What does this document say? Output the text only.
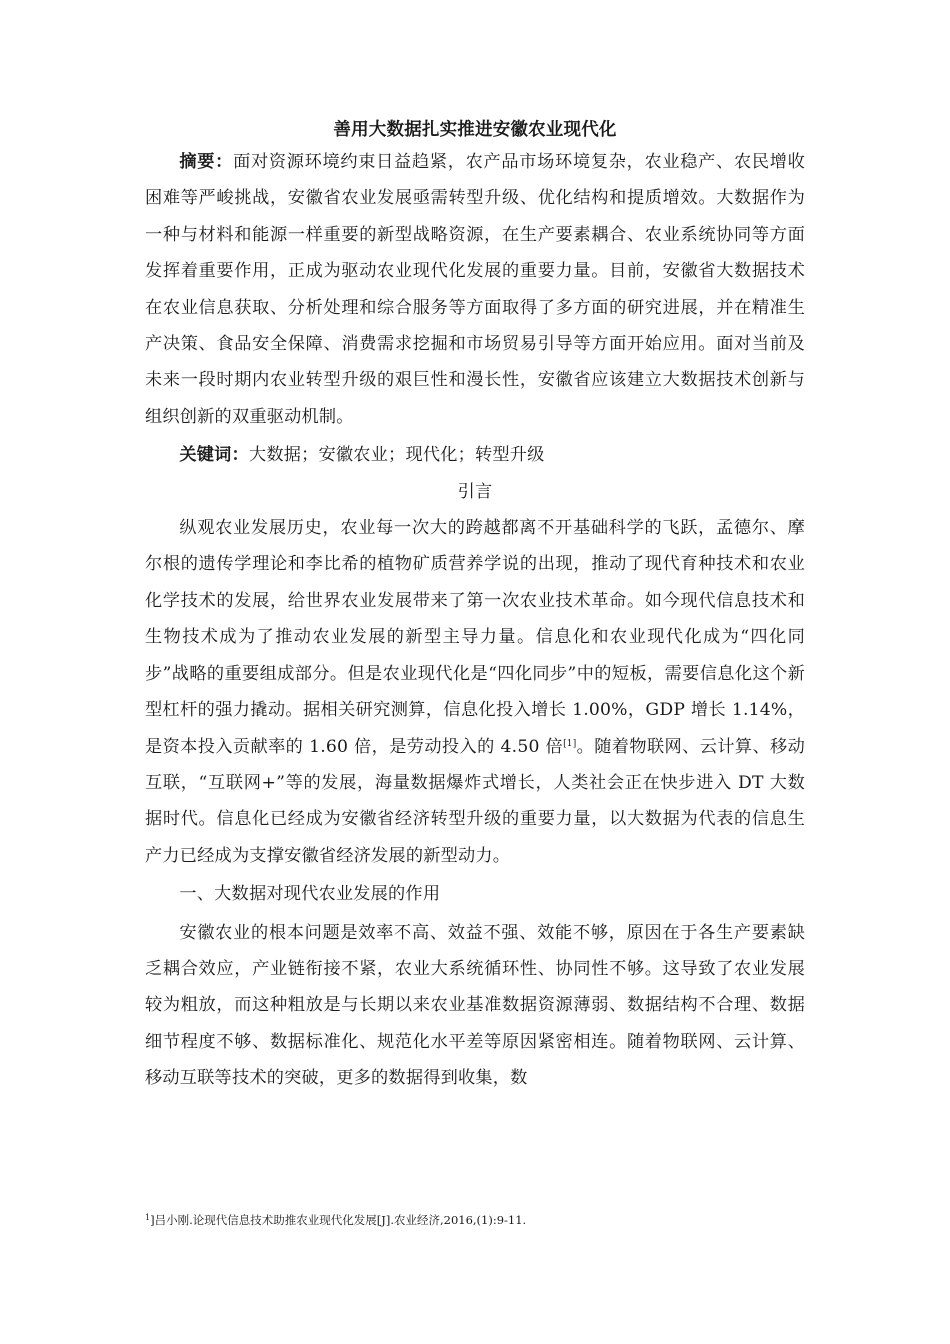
善用大数据扎实推进安徽农业现代化

摘要：面对资源环境约束日益趋紧，农产品市场环境复杂，农业稳产、农民增收困难等严峻挑战，安徽省农业发展亟需转型升级、优化结构和提质增效。大数据作为一种与材料和能源一样重要的新型战略资源，在生产要素耦合、农业系统协同等方面发挥着重要作用，正成为驱动农业现代化发展的重要力量。目前，安徽省大数据技术在农业信息获取、分析处理和综合服务等方面取得了多方面的研究进展，并在精准生产决策、食品安全保障、消费需求挖掘和市场贸易引导等方面开始应用。面对当前及未来一段时期内农业转型升级的艰巨性和漫长性，安徽省应该建立大数据技术创新与组织创新的双重驱动机制。

关键词：大数据；安徽农业；现代化；转型升级

引言

纵观农业发展历史，农业每一次大的跨越都离不开基础科学的飞跃，孟德尔、摩尔根的遗传学理论和李比希的植物矿质营养学说的出现，推动了现代育种技术和农业化学技术的发展，给世界农业发展带来了第一次农业技术革命。如今现代信息技术和生物技术成为了推动农业发展的新型主导力量。信息化和农业现代化成为“四化同步”战略的重要组成部分。但是农业现代化是“四化同步”中的短板，需要信息化这个新型杠杆的强力撬动。据相关研究测算，信息化投入增长 1.00%，GDP 增长 1.14%，是资本投入贡献率的 1.60 倍，是劳动投入的 4.50 倍[1]。随着物联网、云计算、移动互联，“互联网+”等的发展，海量数据爆炸式增长，人类社会正在快步进入 DT 大数据时代。信息化已经成为安徽省经济转型升级的重要力量，以大数据为代表的信息生产力已经成为支撑安徽省经济发展的新型动力。

一、大数据对现代农业发展的作用

安徽农业的根本问题是效率不高、效益不强、效能不够，原因在于各生产要素缺乏耦合效应，产业链衔接不紧，农业大系统循环性、协同性不够。这导致了农业发展较为粗放，而这种粗放是与长期以来农业基准数据资源薄弱、数据结构不合理、数据细节程度不够、数据标准化、规范化水平差等原因紧密相连。随着物联网、云计算、移动互联等技术的突破，更多的数据得到收集，数

$^1$]吕小刚.论现代信息技术助推农业现代化发展[J].农业经济,2016,(1):9-11.
